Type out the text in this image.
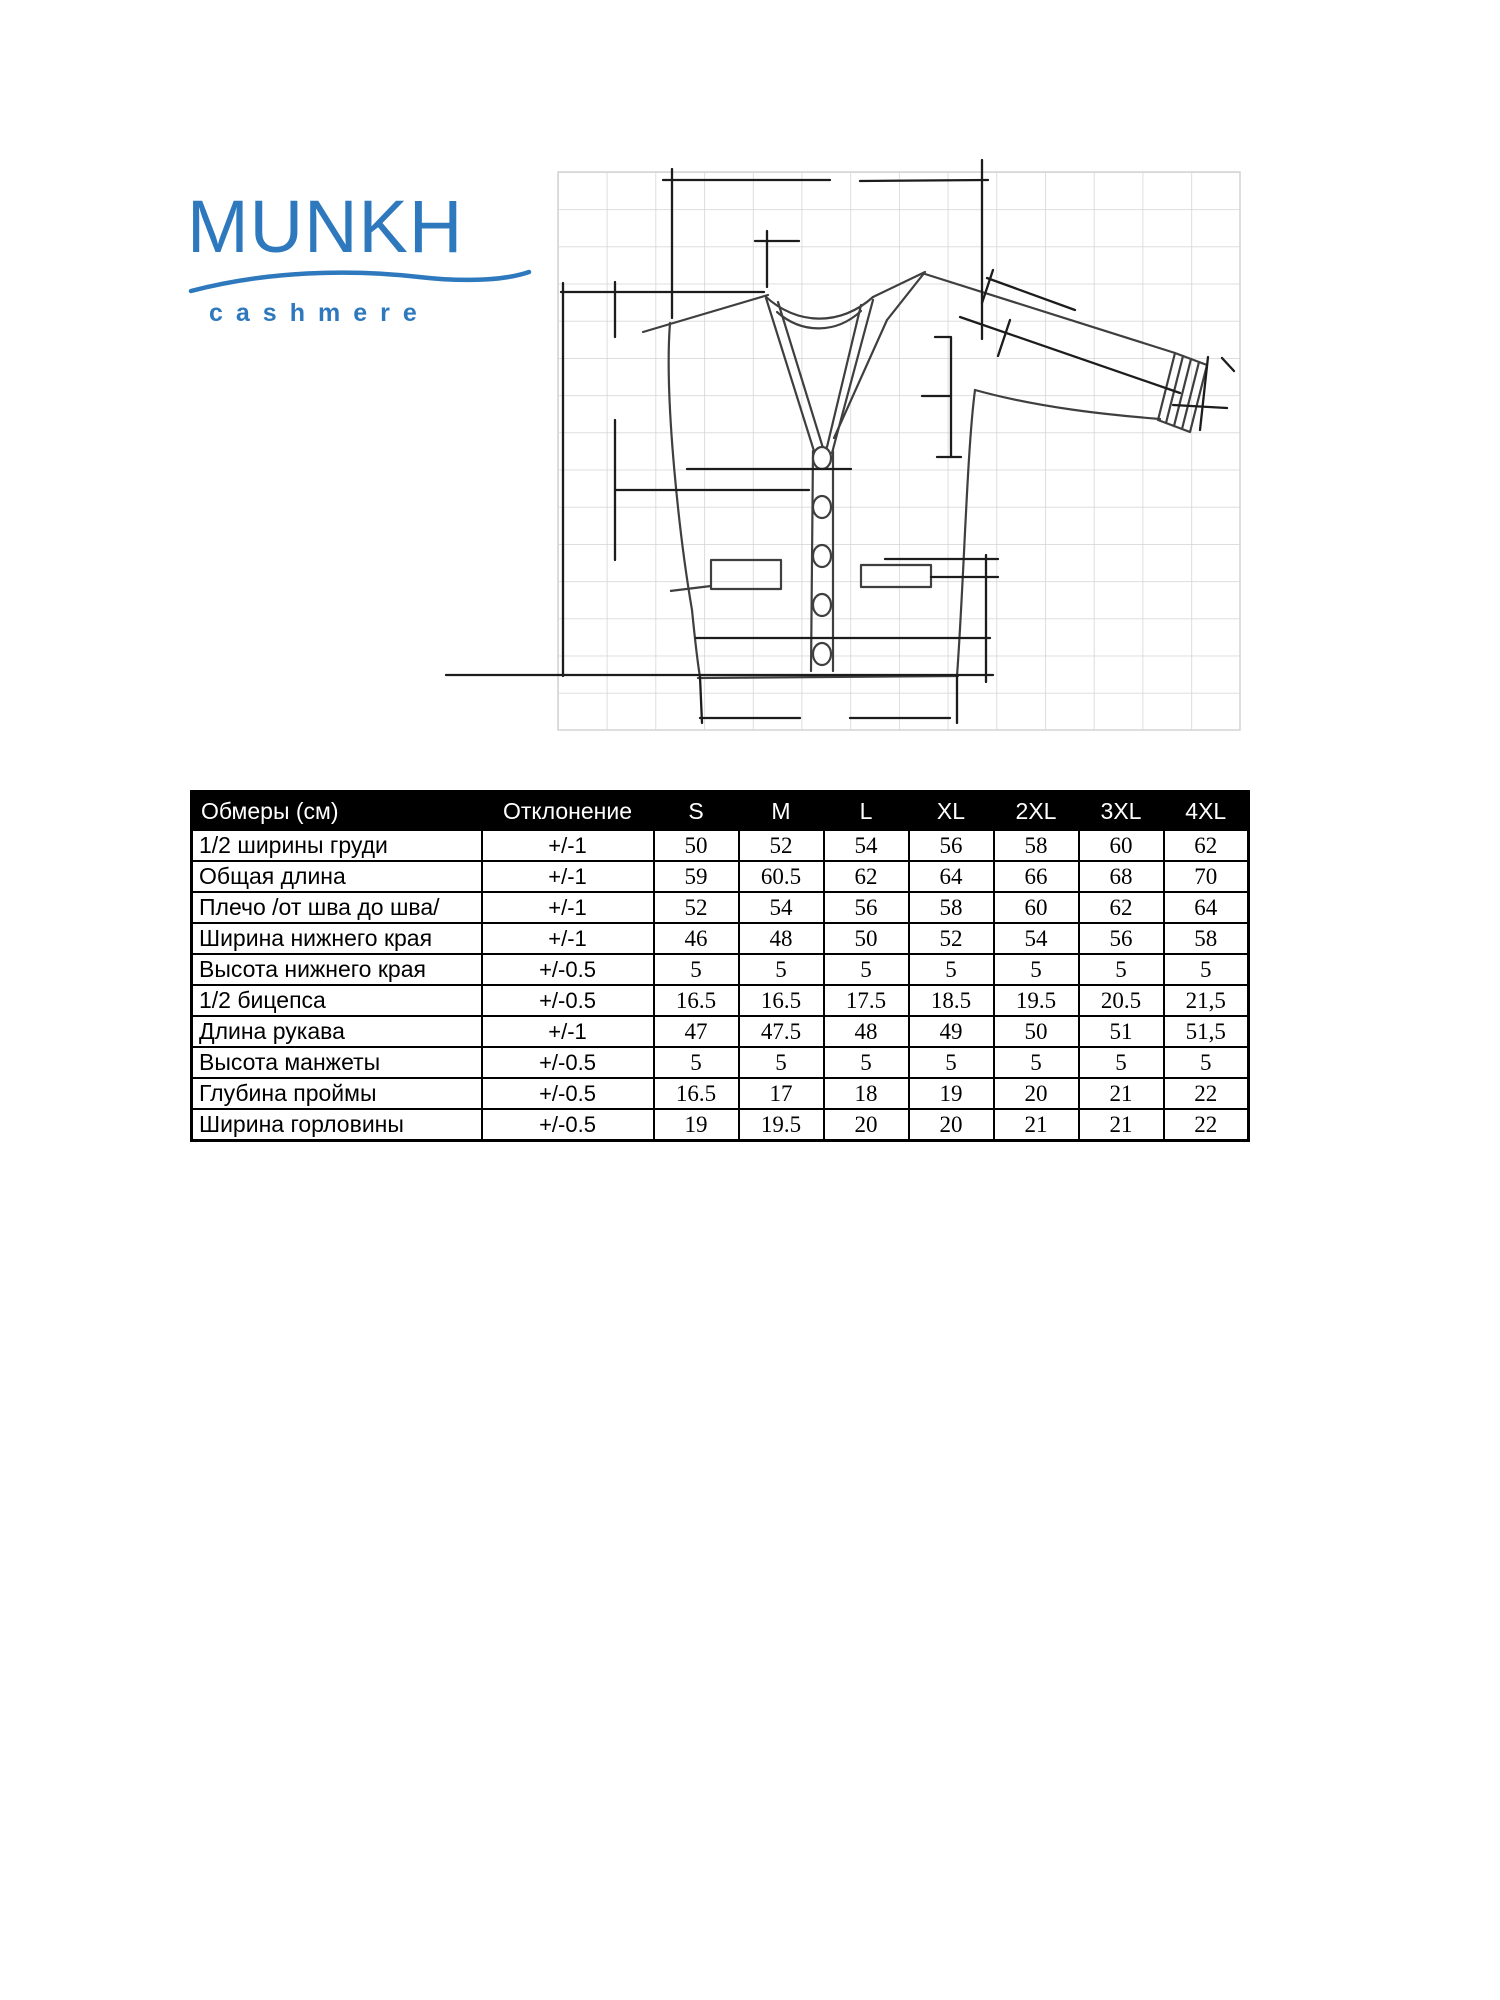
MUNKH
cashmere
Обмеры (см)	Отклонение	S	M	L	XL	2XL	3XL	4XL
1/2 ширины груди	+/-1	50	52	54	56	58	60	62
Общая длина	+/-1	59	60.5	62	64	66	68	70
Плечо /от шва до шва/	+/-1	52	54	56	58	60	62	64
Ширина нижнего края	+/-1	46	48	50	52	54	56	58
Высота нижнего края	+/-0.5	5	5	5	5	5	5	5
1/2 бицепса	+/-0.5	16.5	16.5	17.5	18.5	19.5	20.5	21,5
Длина рукава	+/-1	47	47.5	48	49	50	51	51,5
Высота манжеты	+/-0.5	5	5	5	5	5	5	5
Глубина проймы	+/-0.5	16.5	17	18	19	20	21	22
Ширина горловины	+/-0.5	19	19.5	20	20	21	21	22
